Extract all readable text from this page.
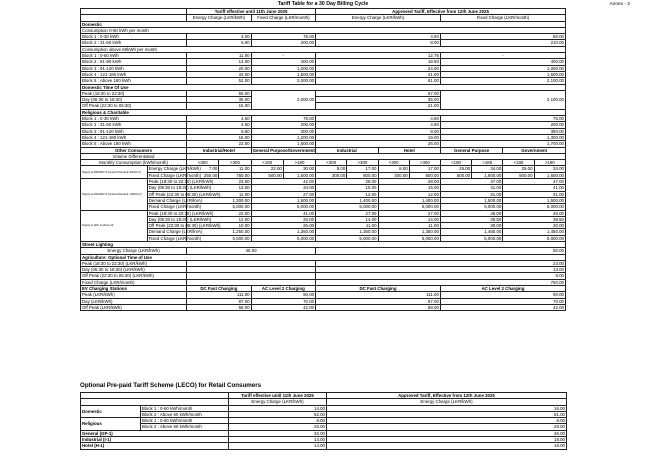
Annex - 2
Tariff Table for a 30 Day Billing Cycle													
		Tariff effective until 11th June 2025				Approved Tariff, Effective from 12th June 2025							
		Energy Charge (LKR/kWh)		Fixed Charge (LKR/month)		Energy Charge (LKR/kWh)				Fixed Charge (LKR/month)			
Domestic													
Consumption 0-60 kWh per month													
Block 1 : 0-30 kWh		4.00		75.00		4.50				80.00			
Block 2 : 31-60 kWh		6.00		200.00		8.00				210.00			
Consumption above 60kWh per month													
Block 1 : 0-60 kWh		11.00		-		12.75				-			
Block 2 : 61-90 kWh		14.00		400.00		18.50				400.00			
Block 3 : 91-120 kWh		20.00		1,000.00		24.00				1,000.00			
Block 4 : 121-180 kWh		33.00		1,500.00		41.00				1,500.00			
Block 5 : Above 180 kWh		52.00		2,000.00		61.00				2,100.00			
Domestic Time Of Use													
Peak (18:30 to 22:30)		55.00		2,000.00		67.00				2,100.00			
Day (05:30 to 18:30)		35.00				35.00							
Off Peak (22:30 to 05:30)		15.00				21.00							
Religious & Charitable													
Block 1 : 0-30 kWh		4.50		75.00		4.50				75.00			
Block 2 : 31-60 kWh		4.50		200.00		4.50				200.00			
Block 3 : 91-120 kWh		6.50		300.00		8.00				350.00			
Block 4 : 121-180 kWh		15.00		1,200.00		19.00				1,300.00			
Block 5 : Above 180 kWh		22.00		1,600.00		26.00				1,700.00			
Other Consumers		Industrial/Hotel		General Purpose/Government		Industrial		Hotel		General Purpose		Government	
Volume Differentiated													
Monthly Consumption (kWh/month)		<300	>300	<180	>180	<300	>300	<300	>300	<180	>180	<180	>180
Supply at 400/230V & Contract Demand<42kVA (1)	Energy Charge (LKR/kWh)	7.00	11.00	22.00	30.00	8.00	17.00	8.00	17.00	25.00	34.00	25.00	34.00
	Fixed Charge (LKR/month)	250.00	750.00	500.00	1,500.00	300.00	800.00	300.00	800.00	500.00	1,600.00	500.00	1,600.00
Supply at 400/230V & Contract Demand >42kVA (2)	Peak (18:30 to 22:30) (LKR/kWh)	23.00		42.00		28.00		28.00		47.00		47.00	
	Day (05:30 to 18:30) (LKR/kWh)	13.00		34.00		15.00		15.00		41.00		41.00	
	Off Peak (22:30 to 05:30) (LKR/kWh)	11.00		27.00		12.00		12.00		31.00		31.00	
	Demand Charge (LKR/kVA)	1,300.00		1,500.00		1,400.00		1,400.00		1,500.00		1,500.00	
	Fixed Charge (LKR/month)	5,000.00		5,000.00		5,000.00		5,000.00		5,000.00		5,000.00	
Supply at 11kV & above (3)	Peak (18:30 to 22:30) (LKR/kWh)	22.00		41.00		27.00		27.00		46.00		46.00	
	Day (05:30 to 18:30) (LKR/kWh)	12.00		33.00		14.00		14.00		39.50		39.50	
	Off Peak (22:30 to 05:30) (LKR/kWh)	10.00		26.00		11.00		11.00		30.00		30.00	
	Demand Charge (LKR/kVA)	1,250.00		1,350.00		1,350.00		1,350.00		1,450.00		1,450.00	
	Fixed Charge (LKR/month)	5,000.00		5,000.00		5,000.00		5,000.00		5,000.00		5,000.00	
Street Lighting													
Energy Charge (LKR/kWh)		45.00				50.00							
Agriculture: Optional Time of Use													
Peak (18:30 to 22:30) (LKR/kWh)						23.00							
Day (05:30 to 18:30) (LKR/kWh)						13.00							
Off Peak (22:30 to 05:30) (LKR/kWh)						8.00							
Fixed Charge (LKR/month)						750.00							
EV Charging Stations		DC Fast Charging		AC Level 2 Charging		DC Fast Charging				AC Level 2 Charging			
Peak (LKR/kWh)		111.00		90.00		111.00				90.00			
Day (LKR/kWh)		87.00		70.00		87.00				70.00			
Off Peak (LKR/kWh)		58.00		42.00		58.00				42.00			
Optional Pre-paid Tariff Scheme (LECO) for Retail Consumers
		Tariff effective until 11th June 2025	Approved Tariff, Effective from 12th June 2025
		Energy Charge (LKR/kWh)	Energy Charge (LKR/kWh)
Domestic	Block 1 : 0-60 kWh/month	14.00	16.00
	Block 2 : Above 60 kWh/month	52.00	61.00
Religious	Block 1 : 0-60 kWh/month	8.00	8.00
	Block 2 : Above 60 kWh/month	25.00	28.00
General (GP-1)		32.00	36.00
Industrial (I-1)		14.00	18.00
Hotel (H-1)		14.00	18.00
